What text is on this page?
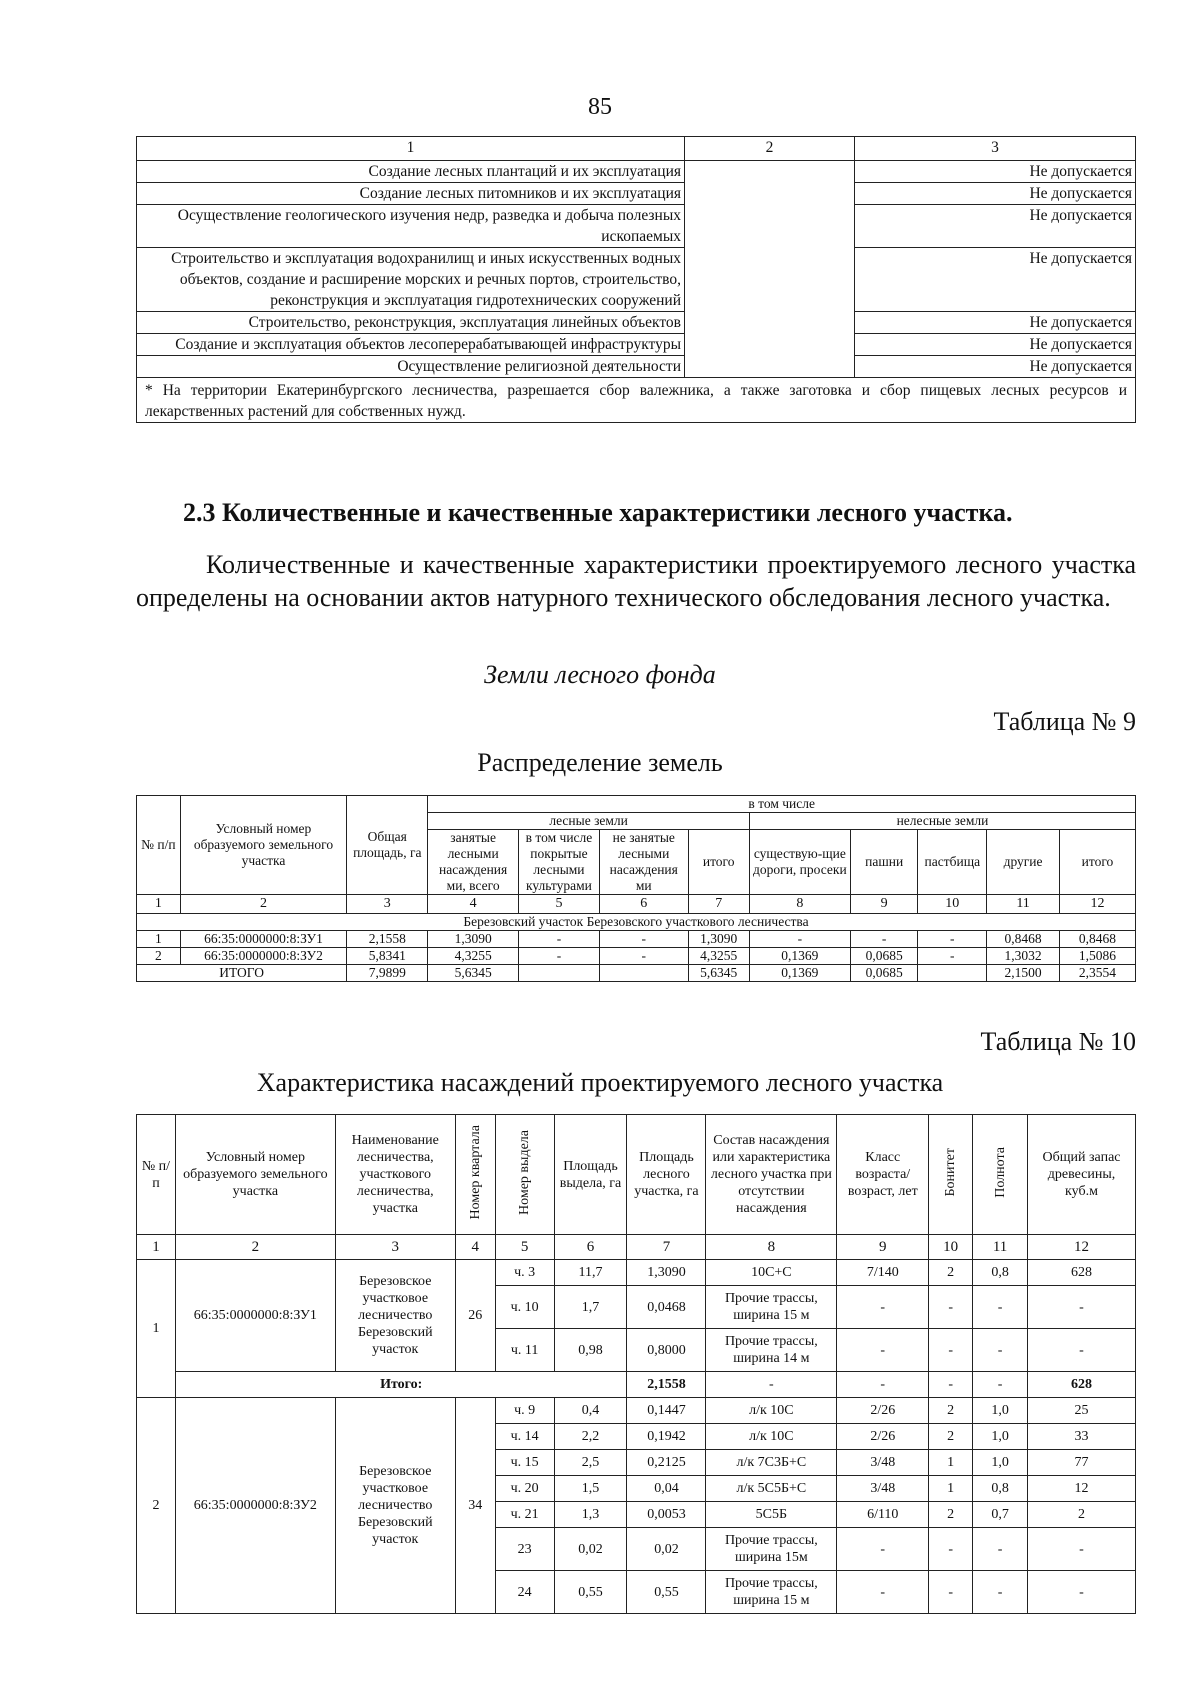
85
1	2	3
Создание лесных плантаций и их эксплуатация		Не допускается
Создание лесных питомников и их эксплуатация		Не допускается
Осуществление геологического изучения недр, разведка и добыча полезных ископаемых		Не допускается
Строительство и эксплуатация водохранилищ и иных искусственных водных объектов, создание и расширение морских и речных портов, строительство, реконструкция и эксплуатация гидротехнических сооружений		Не допускается
Строительство, реконструкция, эксплуатация линейных объектов		Не допускается
Создание и эксплуатация объектов лесоперерабатывающей инфраструктуры		Не допускается
Осуществление религиозной деятельности		Не допускается
* На территории Екатеринбургского лесничества, разрешается сбор валежника, а также заготовка и сбор пищевых лесных ресурсов и лекарственных растений для собственных нужд.		
2.3 Количественные и качественные характеристики лесного участка.
Количественные и качественные характеристики проектируемого лесного участка определены на основании актов натурного технического обследования лесного участка.
Земли лесного фонда
Таблица № 9
Распределение земель
№ п/п	Условный номер образуемого земельного участка	Общая площадь, га	в том числе								
			лесные земли				нелесные земли				
			занятые лесными насаждения ми, всего	в том числе покрытые лесными культурами	не занятые лесными насаждения ми	итого	существую-щие дороги, просеки	пашни	пастбища	другие	итого
1	2	3	4	5	6	7	8	9	10	11	12
Березовский участок Березовского участкового лесничества											
1	66:35:0000000:8:ЗУ1	2,1558	1,3090	-	-	1,3090	-	-	-	0,8468	0,8468
2	66:35:0000000:8:ЗУ2	5,8341	4,3255	-	-	4,3255	0,1369	0,0685	-	1,3032	1,5086
ИТОГО		7,9899	5,6345			5,6345	0,1369	0,0685		2,1500	2,3554
Таблица № 10
Характеристика насаждений проектируемого лесного участка
№ п/п	Условный номер образуемого земельного участка	Наименование лесничества, участкового лесничества, участка	Номер квартала	Номер выдела	Площадь выдела, га	Площадь лесного участка, га	Состав насаждения или характеристика лесного участка при отсутствии насаждения	Класс возраста/ возраст, лет	Бонитет	Полнота	Общий запас древесины, куб.м
1	2	3	4	5	6	7	8	9	10	11	12
1	66:35:0000000:8:ЗУ1	Березовское участковое лесничество Березовский участок	26	ч. 3	11,7	1,3090	10С+С	7/140	2	0,8	628
				ч. 10	1,7	0,0468	Прочие трассы, ширина 15 м	-	-	-	-
				ч. 11	0,98	0,8000	Прочие трассы, ширина 14 м	-	-	-	-
	Итого:					2,1558	-	-	-	-	628
2	66:35:0000000:8:ЗУ2	Березовское участковое лесничество Березовский участок	34	ч. 9	0,4	0,1447	л/к 10С	2/26	2	1,0	25
				ч. 14	2,2	0,1942	л/к 10С	2/26	2	1,0	33
				ч. 15	2,5	0,2125	л/к 7С3Б+С	3/48	1	1,0	77
				ч. 20	1,5	0,04	л/к 5С5Б+С	3/48	1	0,8	12
				ч. 21	1,3	0,0053	5С5Б	6/110	2	0,7	2
				23	0,02	0,02	Прочие трассы, ширина 15м	-	-	-	-
				24	0,55	0,55	Прочие трассы, ширина 15 м	-	-	-	-
